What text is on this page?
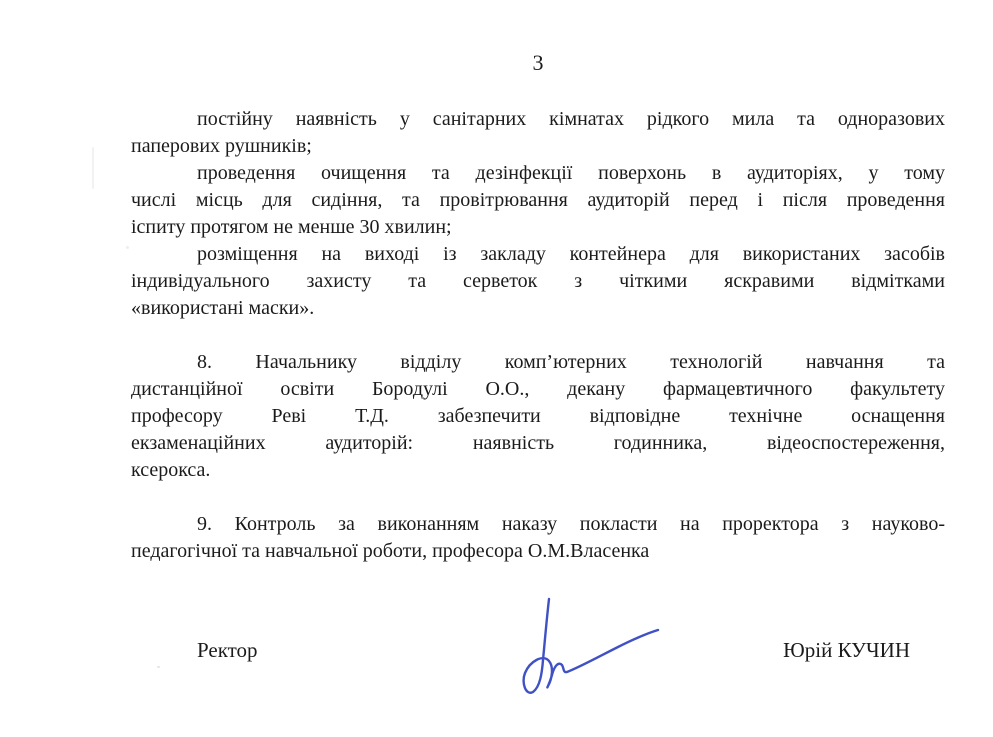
3

постійну наявність у санітарних кімнатах рідкого мила та одноразових
паперових рушників;

проведення очищення та дезінфекції поверхонь в аудиторіях, у тому
числі місць для сидіння, та провітрювання аудиторій перед і після проведення
іспиту протягом не менше 30 хвилин;

розміщення на виході із закладу контейнера для використаних засобів
індивідуального захисту та серветок з чіткими яскравими відмітками
«використані маски».

8. Начальнику відділу комп’ютерних технологій навчання та
дистанційної освіти Бородулі О.О., декану фармацевтичного факультету
професору Реві Т.Д. забезпечити відповідне технічне оснащення
екзаменаційних аудиторій: наявність годинника, відеоспостереження,
ксерокса.

9. Контроль за виконанням наказу покласти на проректора з науково-
педагогічної та навчальної роботи, професора О.М.Власенка

Ректор	Юрій КУЧИН
